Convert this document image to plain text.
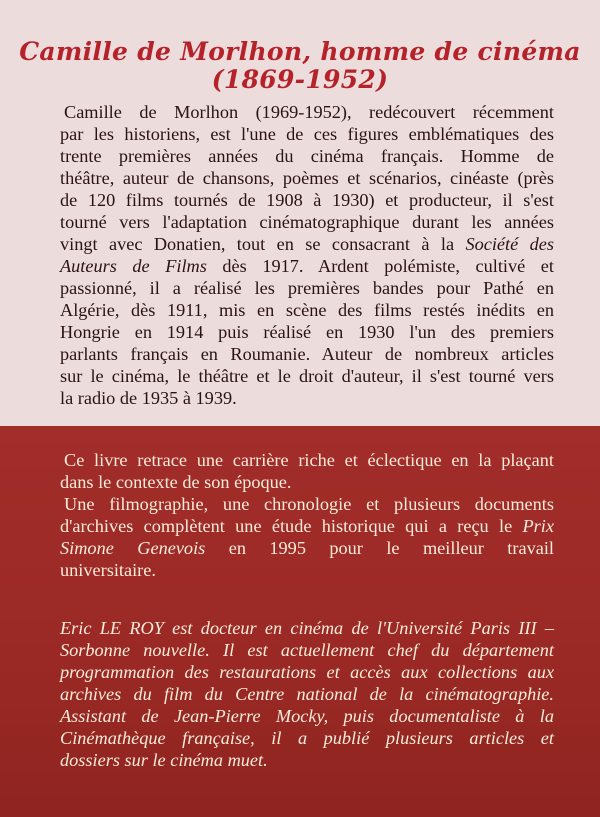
Camille de Morlhon, homme de cinéma
(1869-1952)
Camille de Morlhon (1969-1952), redécouvert récemment
par les historiens, est l'une de ces figures emblématiques des
trente premières années du cinéma français. Homme de
théâtre, auteur de chansons, poèmes et scénarios, cinéaste (près
de 120 films tournés de 1908 à 1930) et producteur, il s'est
tourné vers l'adaptation cinématographique durant les années
vingt avec Donatien, tout en se consacrant à la Société des
Auteurs de Films dès 1917. Ardent polémiste, cultivé et
passionné, il a réalisé les premières bandes pour Pathé en
Algérie, dès 1911, mis en scène des films restés inédits en
Hongrie en 1914 puis réalisé en 1930 l'un des premiers
parlants français en Roumanie. Auteur de nombreux articles
sur le cinéma, le théâtre et le droit d'auteur, il s'est tourné vers
la radio de 1935 à 1939.
Ce livre retrace une carrière riche et éclectique en la plaçant
dans le contexte de son époque.
Une filmographie, une chronologie et plusieurs documents
d'archives complètent une étude historique qui a reçu le Prix
Simone Genevois en 1995 pour le meilleur travail
universitaire.
Eric LE ROY est docteur en cinéma de l'Université Paris III –
Sorbonne nouvelle. Il est actuellement chef du département
programmation des restaurations et accès aux collections aux
archives du film du Centre national de la cinématographie.
Assistant de Jean-Pierre Mocky, puis documentaliste à la
Cinémathèque française, il a publié plusieurs articles et
dossiers sur le cinéma muet.
